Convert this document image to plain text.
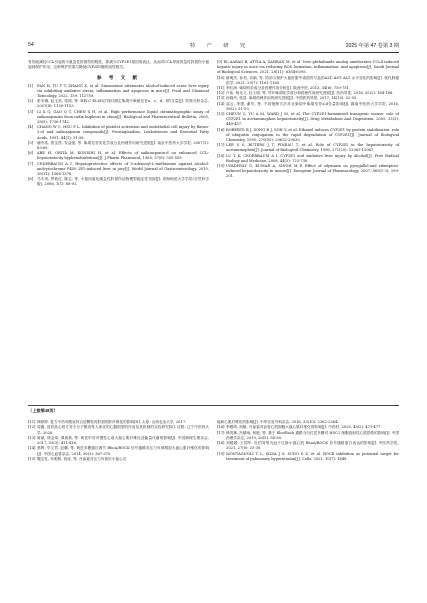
54	特 产 研 究	2025 年第 47 卷第 3 期

有效地减轻CCl₄引起的小鼠急性肝损伤的程度，抑减少CYP2E1基因的表达，从而对CCl₄导致的急性肝损伤小鼠起到保护作用，这种保护效果与降低CYP2E1酶的活性相关。

参 考 文 献
[1]	FAN H, TU T T, ZHANG X, et al. Sinomenine attenuates alcohol-induced acute liver injury via inhibiting oxidative stress, inflammation and apoptosis in mice[J]. Food and Chemical Toxicology, 2022, 159: 112759.
[2]	张安娜, 赵玉英, 梁鸿, 等. HPLC-ELSD法同时测定柴胡中柴胡皂苷a、c、d、f的含量[J]. 药物分析杂志, 2007(8): 1150-1153.
[3]	LI X Q, GAO Q T, CHEN X H, et al. High performance liquid chromatographic assay of saikosaponins from radix bupleuri in china[J]. Biological and Pharmaceutical Bulletin, 2005, 28(9): 1736-1742.
[4]	CHANG W C, HSU F L. Inhibition of platelet activation and endothelial cell injury by flavan-3-ol and saikosaponin compounds[J]. Prostaglandins, Leukotrienes and Essential Fatty Acids, 1991, 44(1): 51-56.
[5]	谢东浩, 蔡宝昌, 安益强, 等. 柴胡皂苷类化学成分及药理作用研究进展[J]. 南京中医药大学学报, 2007(1): 63-65.
[6]	ABE H, ORITA M, KONISHI H, et al. Effects of saikosaponin-d on enhanced CCl₄-hepatotoxicity byphenobarbitone[J]. J Pharm Pharmacol, 1985, 37(8): 555-559.
[7]	CEDERBAUM A I. Hepatoprotective effects of S-adenosyl-L-methionine against alcohol-andcytochrome P450 2E1-induced liver in jury[J]. World Journal of Gastroenterology, 2010, 16(11): 1366-1376.
[8]	马永贵, 罗莉红, 陈志, 等. 小鼠四氯化碳急性肝损伤动物模型稳定性初探[J]. 青海师范大学学报(自然科学版), 2006, 1(1): 88-91.
[9] EL-AARAG B, ATTIA A, ZAHRAN M, et al. New phthalimide analog ameliorates CCL4 induced hepatic injury in mice via reducing ROS formation, inflammation, and apoptosis[J]. Saudi Journal of Biological Sciences, 2021, 28(11): 6384-6395.
[10] 薛明杰, 孙昊, 宾颖, 等. 防治与保护大鼠肝脏中毒损伤与盐的ALT, AST, ALT 水平变化的影响[J]. 现代肿瘤医学, 2021, 29(7): 1161-1165.
[11] 李红润. 柴胡有效成分及药理作用分析[J]. 陕西中医, 2013, 34(6): 750-751.
[12] 卢伟, 杨光义, 杜士明, 等. 竹叶柴胡化学成分和药理作用研究进展[J]. 医药导报, 2016, 35(2): 164-188.
[13] 孙晓丹, 张显. 柴胡药理作用的研究进展[J]. 中国医药导报, 2017, 14(10): 52-55.
[14] 邵云, 李建, 谢东, 等. 不同炮制方法对北柴胡中柴胡皂苷a,d含量影响[J]. 湖南中医药大学学报, 2016, 36(2): 51-53.
[15] CHEUN C, YU A M, WARD J M, et al. The CYP2E1-humanized transgenic mouse: role of CYP2E1 in acetaminophen hepatotoxicity[J]. Drug Metabolism And Disposition, 2005, 33(3): 449-457.
[16] ROBERTS B J, SONG B J, SOH Y, et al. Ethanol induces CYP2E1 by protein stabilization. role of ubiquitin conjugation in the rapid degradation of CYP2E1[J]. Journal of Biological Chemistry, 1995, 270(50): 29632-29635.
[17] LEE S S, BUTERS J T, PINEAU T, et al. Role of CYP2E1 in the hepatotoxicity of acetaminophen[J]. Journal of Biological Chemistry, 1996, 271(20): 12063-12067.
[18] LU Y K, CEDERBAUM A I. CYP2E1 and oxidative liver injury by alcohol[J]. Free Radical Biology and Medicine, 2008, 44(5): 723-738.
[19] UPADHYAY G, KUMAR A, SINGH M P. Effect of silymarin on pyrogallol-and rifampicin-induced hepatotoxicity in mouse[J]. European Journal of Pharmacology, 2007, 565(1-3): 190-201.
（上接第48页）
[11] 韩婷婷. 复方中药对酸束综合征颗粒药肝损的肝纤维化的影响[D]. 太原: 山西农业大学, 2017.
[12] 周鑫. 莨菪品心恒方对小分子微淡等人体化的心器损型的作用及其机制的实验研究[D]. 沈阳: 辽宁中医药大学, 2020.
[13] 蒋斌, 徐金凤, 谭唐燕, 等. 黄芪甲苷对慢性心衰大鼠心肌纤维化及能量代谢的影响[J]. 中国病理生理杂志, 2017, 33(3): 411-416.
[14] 蔡辉, 毕文君, 赵鹏, 等. 黄芪多糖通过调节 RhoA/ROCK 信号通路对压力负荷增加大鼠心肌纤维化的影响[J]. 中国心血管杂志, 2014, 30(3): 367-370.
[15] 魏宝柱, 朱明林, 钱成, 等. 丹参素对压力负荷后小鼠心功
能和心肌纤维化的影响[J]. 中华实验外科杂志, 2016, 33(10): 2362-2364.
[16] 李雅琦, 何敏, 丹参素对血管心肌细胞大鼠心肌纤维化的影响[J]. 中药材, 2020, 43(2): 473-477.
[17] 韩茂林, 冯晴雨, 何艳, 等. 基于 Rho/Rock 通路当归红芪多糖对 HSC2 细胞放射性心肌损伤的影响[J]. 中国药理学杂志, 2019, 26(5): 54-58.
[18] 刘媛媛, 王国华. 杜伯易等丸冠于过脉小鼠心肌 RhoA/ROCK 信号通路蛋白表达的影响[J]. 中医药学报, 2021, 27(8): 25-30.
[19] MONTAGNOLI T L, SILVA J S, SUDO S Z, et al. ROCK inhibition as potential target for treatment of pulmonary hypertension[J]. Cells, 2021, 10(7): 1648.
